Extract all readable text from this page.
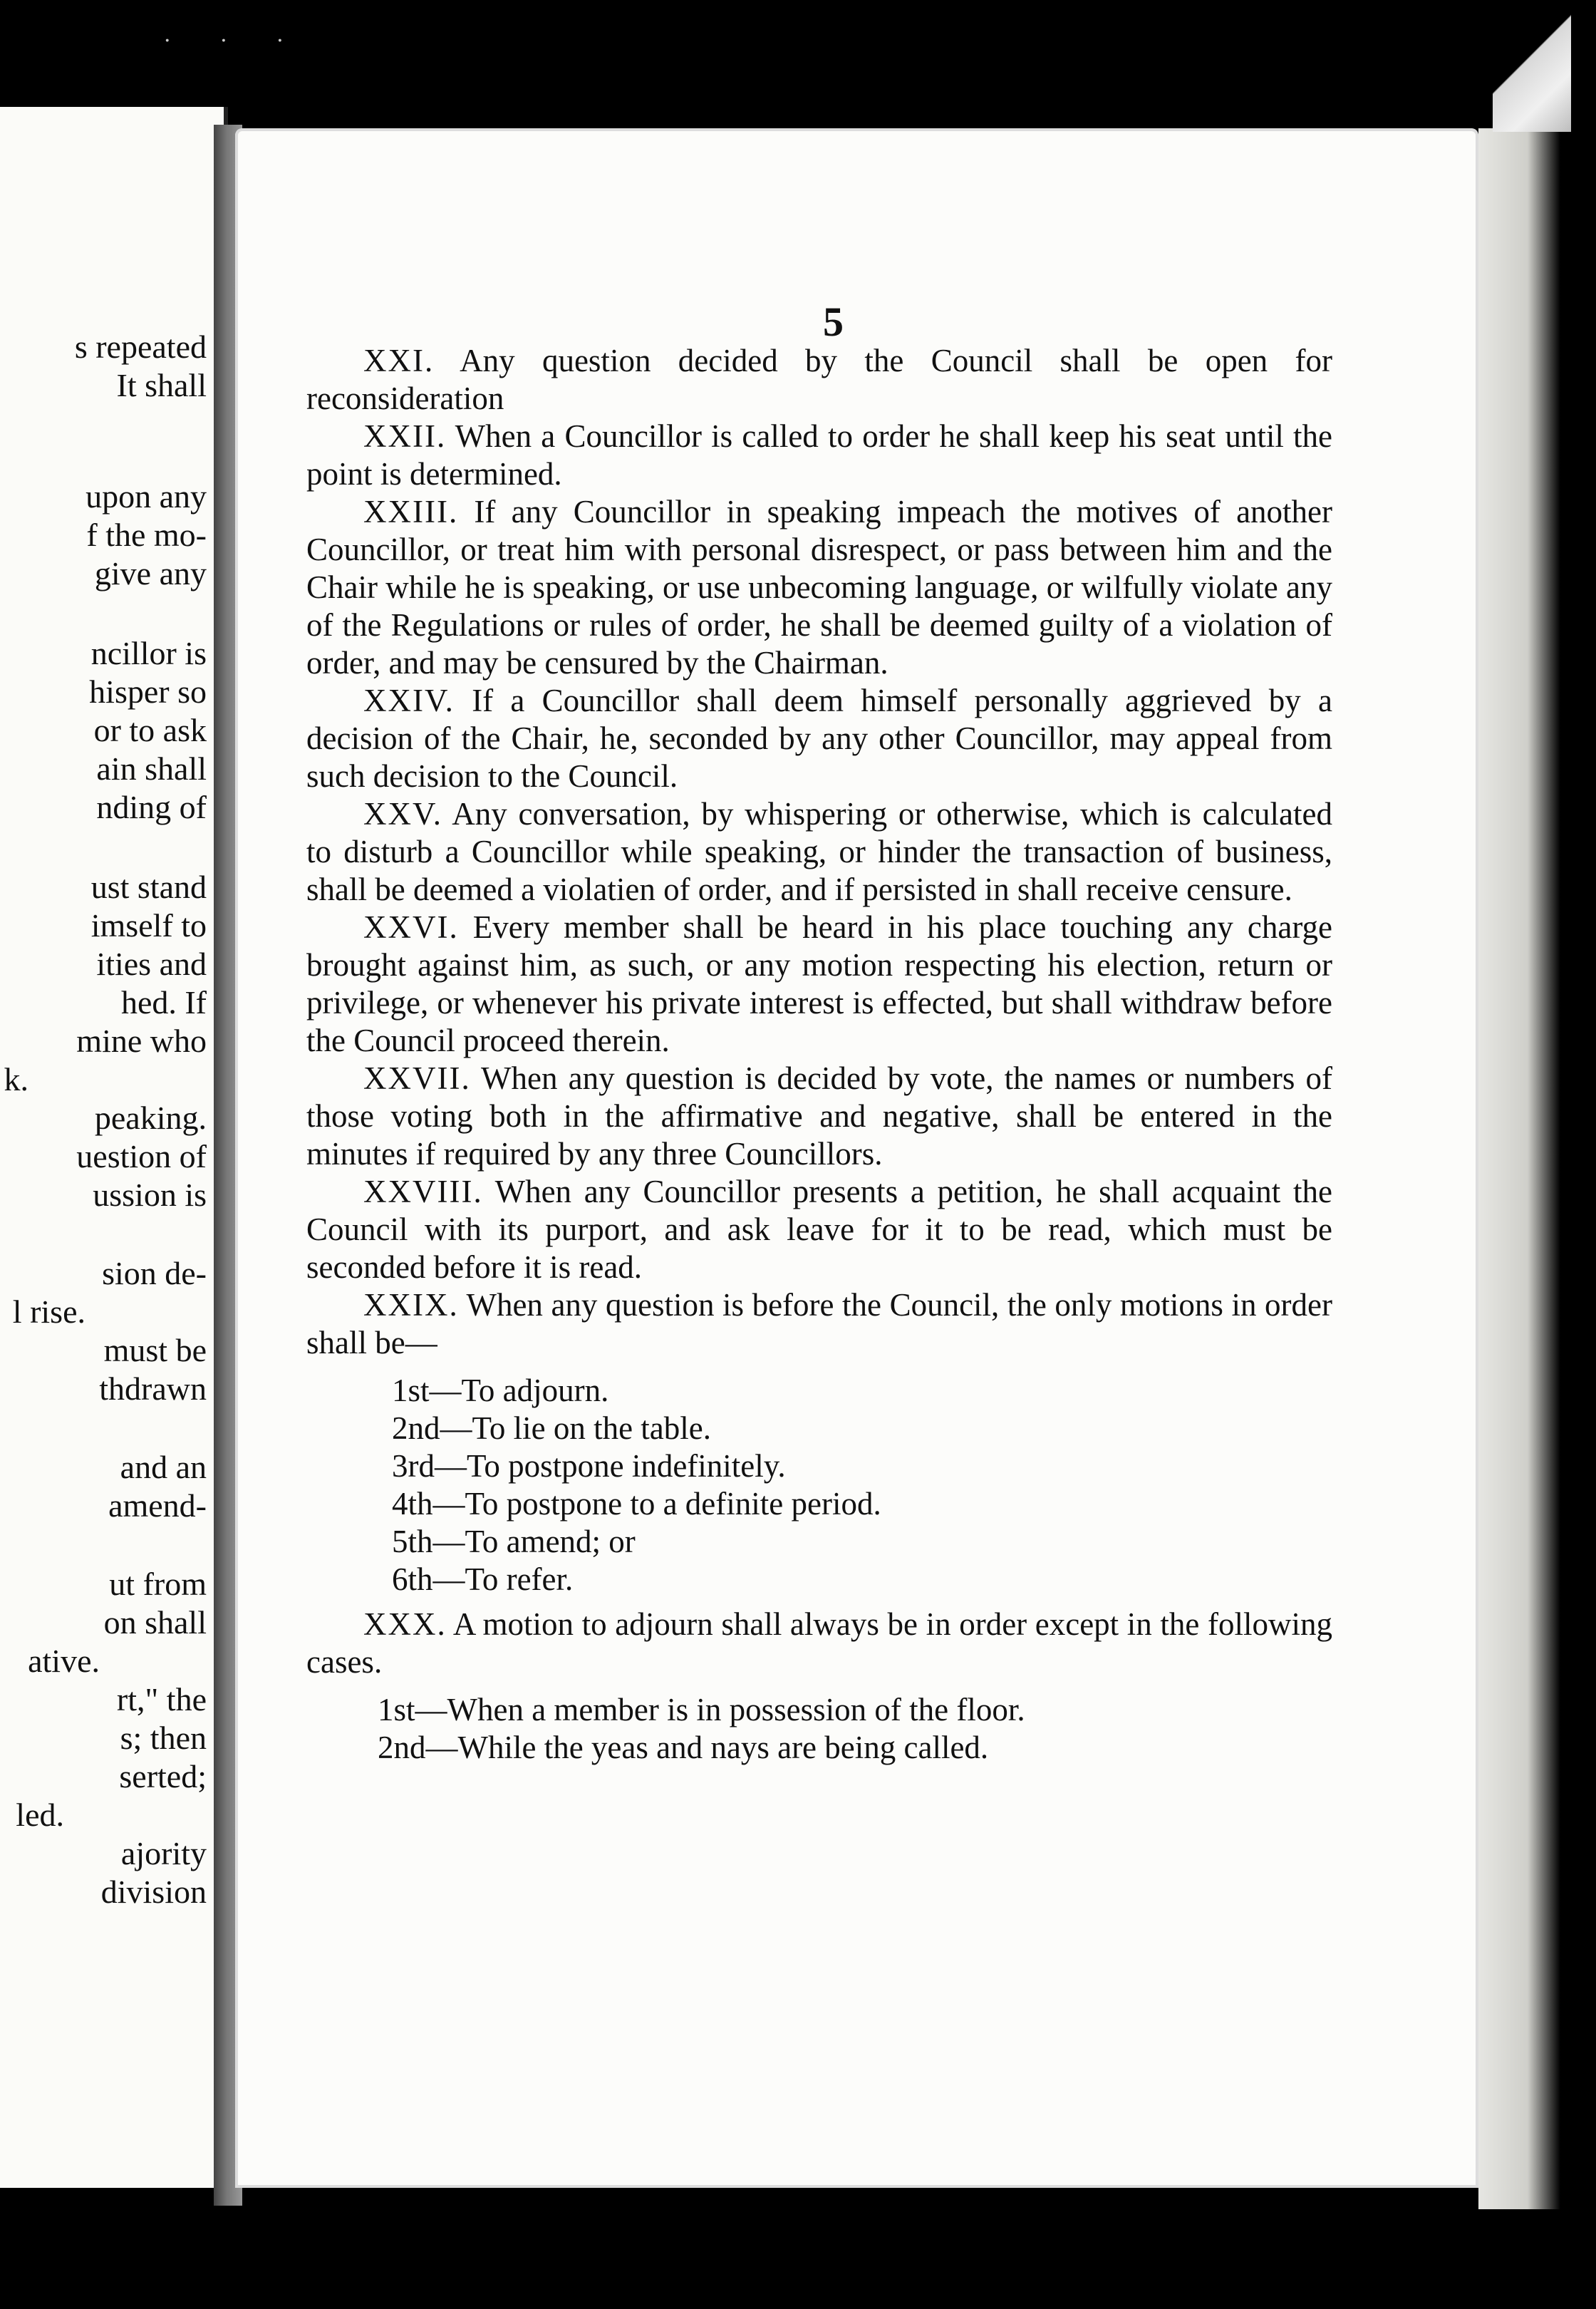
· · ·
s repeated
It shall
upon any
f the mo-
give any
ncillor is
hisper so
or to ask
ain shall
nding of
ust stand
imself to
ities and
hed. If
mine who
k.
peaking.
uestion of
ussion is
sion de-
l rise.
must be
thdrawn
and an
amend-
ut from
on shall
ative.
rt," the
s; then
serted;
led.
ajority
division
5

XXI. Any question decided by the Council shall be open for reconsideration

XXII. When a Councillor is called to order he shall keep his seat until the point is determined.

XXIII. If any Councillor in speaking impeach the motives of another Councillor, or treat him with personal disrespect, or pass between him and the Chair while he is speaking, or use unbecoming language, or wilfully violate any of the Regulations or rules of order, he shall be deemed guilty of a violation of order, and may be censured by the Chairman.

XXIV. If a Councillor shall deem himself personally aggrieved by a decision of the Chair, he, seconded by any other Councillor, may appeal from such decision to the Council.

XXV. Any conversation, by whispering or otherwise, which is calculated to disturb a Councillor while speaking, or hinder the transaction of business, shall be deemed a violatien of order, and if persisted in shall receive censure.

XXVI. Every member shall be heard in his place touching any charge brought against him, as such, or any motion respecting his election, return or privilege, or whenever his private interest is effected, but shall withdraw before the Council proceed therein.

XXVII. When any question is decided by vote, the names or numbers of those voting both in the affirmative and negative, shall be entered in the minutes if required by any three Councillors.

XXVIII. When any Councillor presents a petition, he shall acquaint the Council with its purport, and ask leave for it to be read, which must be seconded before it is read.

XXIX. When any question is before the Council, the only motions in order shall be—

1st—To adjourn.
2nd—To lie on the table.
3rd—To postpone indefinitely.
4th—To postpone to a definite period.
5th—To amend; or
6th—To refer.

XXX. A motion to adjourn shall always be in order except in the following cases.

1st—When a member is in possession of the floor.
2nd—While the yeas and nays are being called.
